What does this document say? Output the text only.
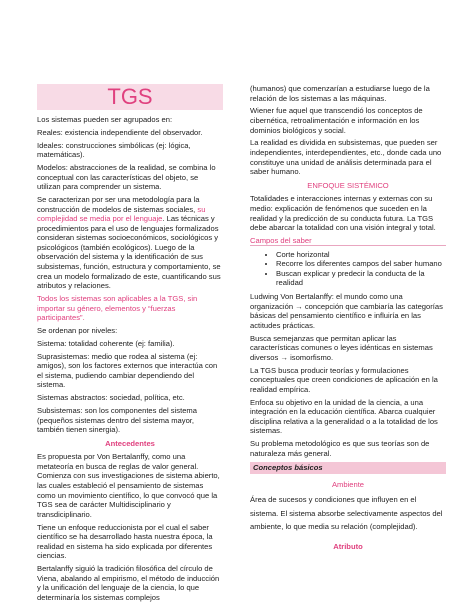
TGS

Los sistemas pueden ser agrupados en:

Reales: existencia independiente del observador.

Ideales: construcciones simbólicas (ej: lógica, matemáticas).

Modelos: abstracciones de la realidad, se combina lo conceptual con las características del objeto, se utilizan para comprender un sistema.

Se caracterizan por ser una metodología para la construcción de modelos de sistemas sociales, su complejidad se media por el lenguaje. Las técnicas y procedimientos para el uso de lenguajes formalizados consideran sistemas socioeconómicos, sociológicos y psicológicos (también ecológicos). Luego de la observación del sistema y la identificación de sus subsistemas, función, estructura y comportamiento, se crea un modelo formalizado de este, cuantificando sus atributos y relaciones.

Todos los sistemas son aplicables a la TGS, sin importar su género, elementos y “fuerzas participantes”.

Se ordenan por niveles:

Sistema: totalidad coherente (ej: familia).

Suprasistemas: medio que rodea al sistema (ej: amigos), son los factores externos que interactúa con el sistema, pudiendo cambiar dependiendo del sistema.

Sistemas abstractos: sociedad, política, etc.

Subsistemas: son los componentes del sistema (pequeños sistemas dentro del sistema mayor, también tienen sinergia).

Antecedentes

Es propuesta por Von Bertalanffy, como una metateoría en busca de reglas de valor general. Comienza con sus investigaciones de sistema abierto, las cuales estableció el pensamiento de sistemas como un movimiento científico, lo que convocó que la TGS sea de carácter Multidisciplinario y transdiciplinario.

Tiene un enfoque reduccionista por el cual el saber científico se ha desarrollado hasta nuestra época, la realidad en sistema ha sido explicada por diferentes ciencias.

Bertalanffy siguió la tradición filosófica del círculo de Viena, abalando al empirismo, el método de inducción y la unificación del lenguaje de la ciencia, lo que determinaría los sistemas complejos

(humanos) que comenzarían a estudiarse luego de la relación de los sistemas a las máquinas.

Wiener fue aquel que transcendió los conceptos de cibernética, retroalimentación e información en los dominios biológicos y social.

La realidad es dividida en subsistemas, que pueden ser independientes, interdependientes, etc., donde cada uno constituye una unidad de análisis determinada para el saber humano.

ENFOQUE SISTÉMICO

Totalidades e interacciones internas y externas con su medio: explicación de fenómenos que suceden en la realidad y la predicción de su conducta futura. La TGS debe abarcar la totalidad con una visión integral y total.

Campos del saber

• Corte horizontal
• Recorre los diferentes campos del saber humano
• Buscan explicar y predecir la conducta de la realidad

Ludwing Von Bertalanffy: el mundo como una organización → concepción que cambiaría las categorías básicas del pensamiento científico e influiría en las actitudes prácticas.

Busca semejanzas que permitan aplicar las características comunes o leyes idénticas en sistemas diversos → isomorfismo.

La TGS busca producir teorías y formulaciones conceptuales que creen condiciones de aplicación en la realidad empírica.

Enfoca su objetivo en la unidad de la ciencia, a una integración en la educación científica. Abarca cualquier disciplina relativa a la generalidad o a la totalidad de los sistemas.

Su problema metodológico es que sus teorías son de naturaleza más general.

Conceptos básicos

Ambiente

Área de sucesos y condiciones que influyen en el sistema. El sistema absorbe selectivamente aspectos del ambiente, lo que media su relación (complejidad).

Atributo
